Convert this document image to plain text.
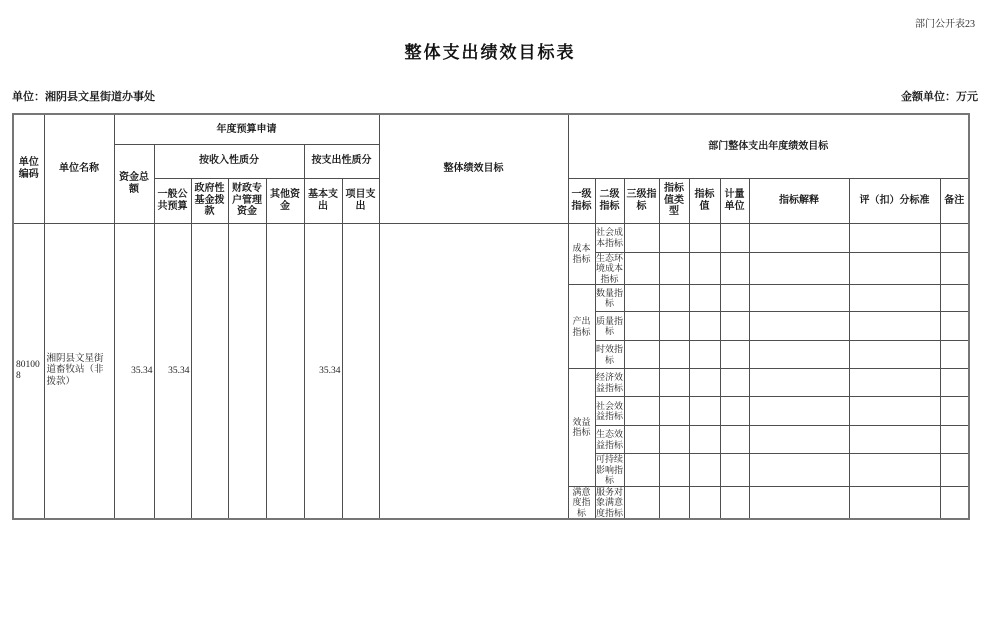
部门公开表23
整体支出绩效目标表
单位：湘阴县文星街道办事处	金额单位：万元
单位编码	单位名称	年度预算申请							整体绩效目标	部门整体支出年度绩效目标								
		资金总额	按收入性质分				按支出性质分											
			一般公共预算	政府性基金拨款	财政专户管理资金	其他资金	基本支出	项目支出		一级指标	二级指标	三级指标	指标值类型	指标值	计量单位	指标解释	评（扣）分标准	备注
801008	湘阴县文星街道畜牧站（非拨款）	35.34	35.34				35.34			成本指标	社会成本指标							
											生态环境成本指标							
										产出指标	数量指标							
											质量指标							
											时效指标							
										效益指标	经济效益指标							
											社会效益指标							
											生态效益指标							
											可持续影响指标							
										满意度指标	服务对象满意度指标							
